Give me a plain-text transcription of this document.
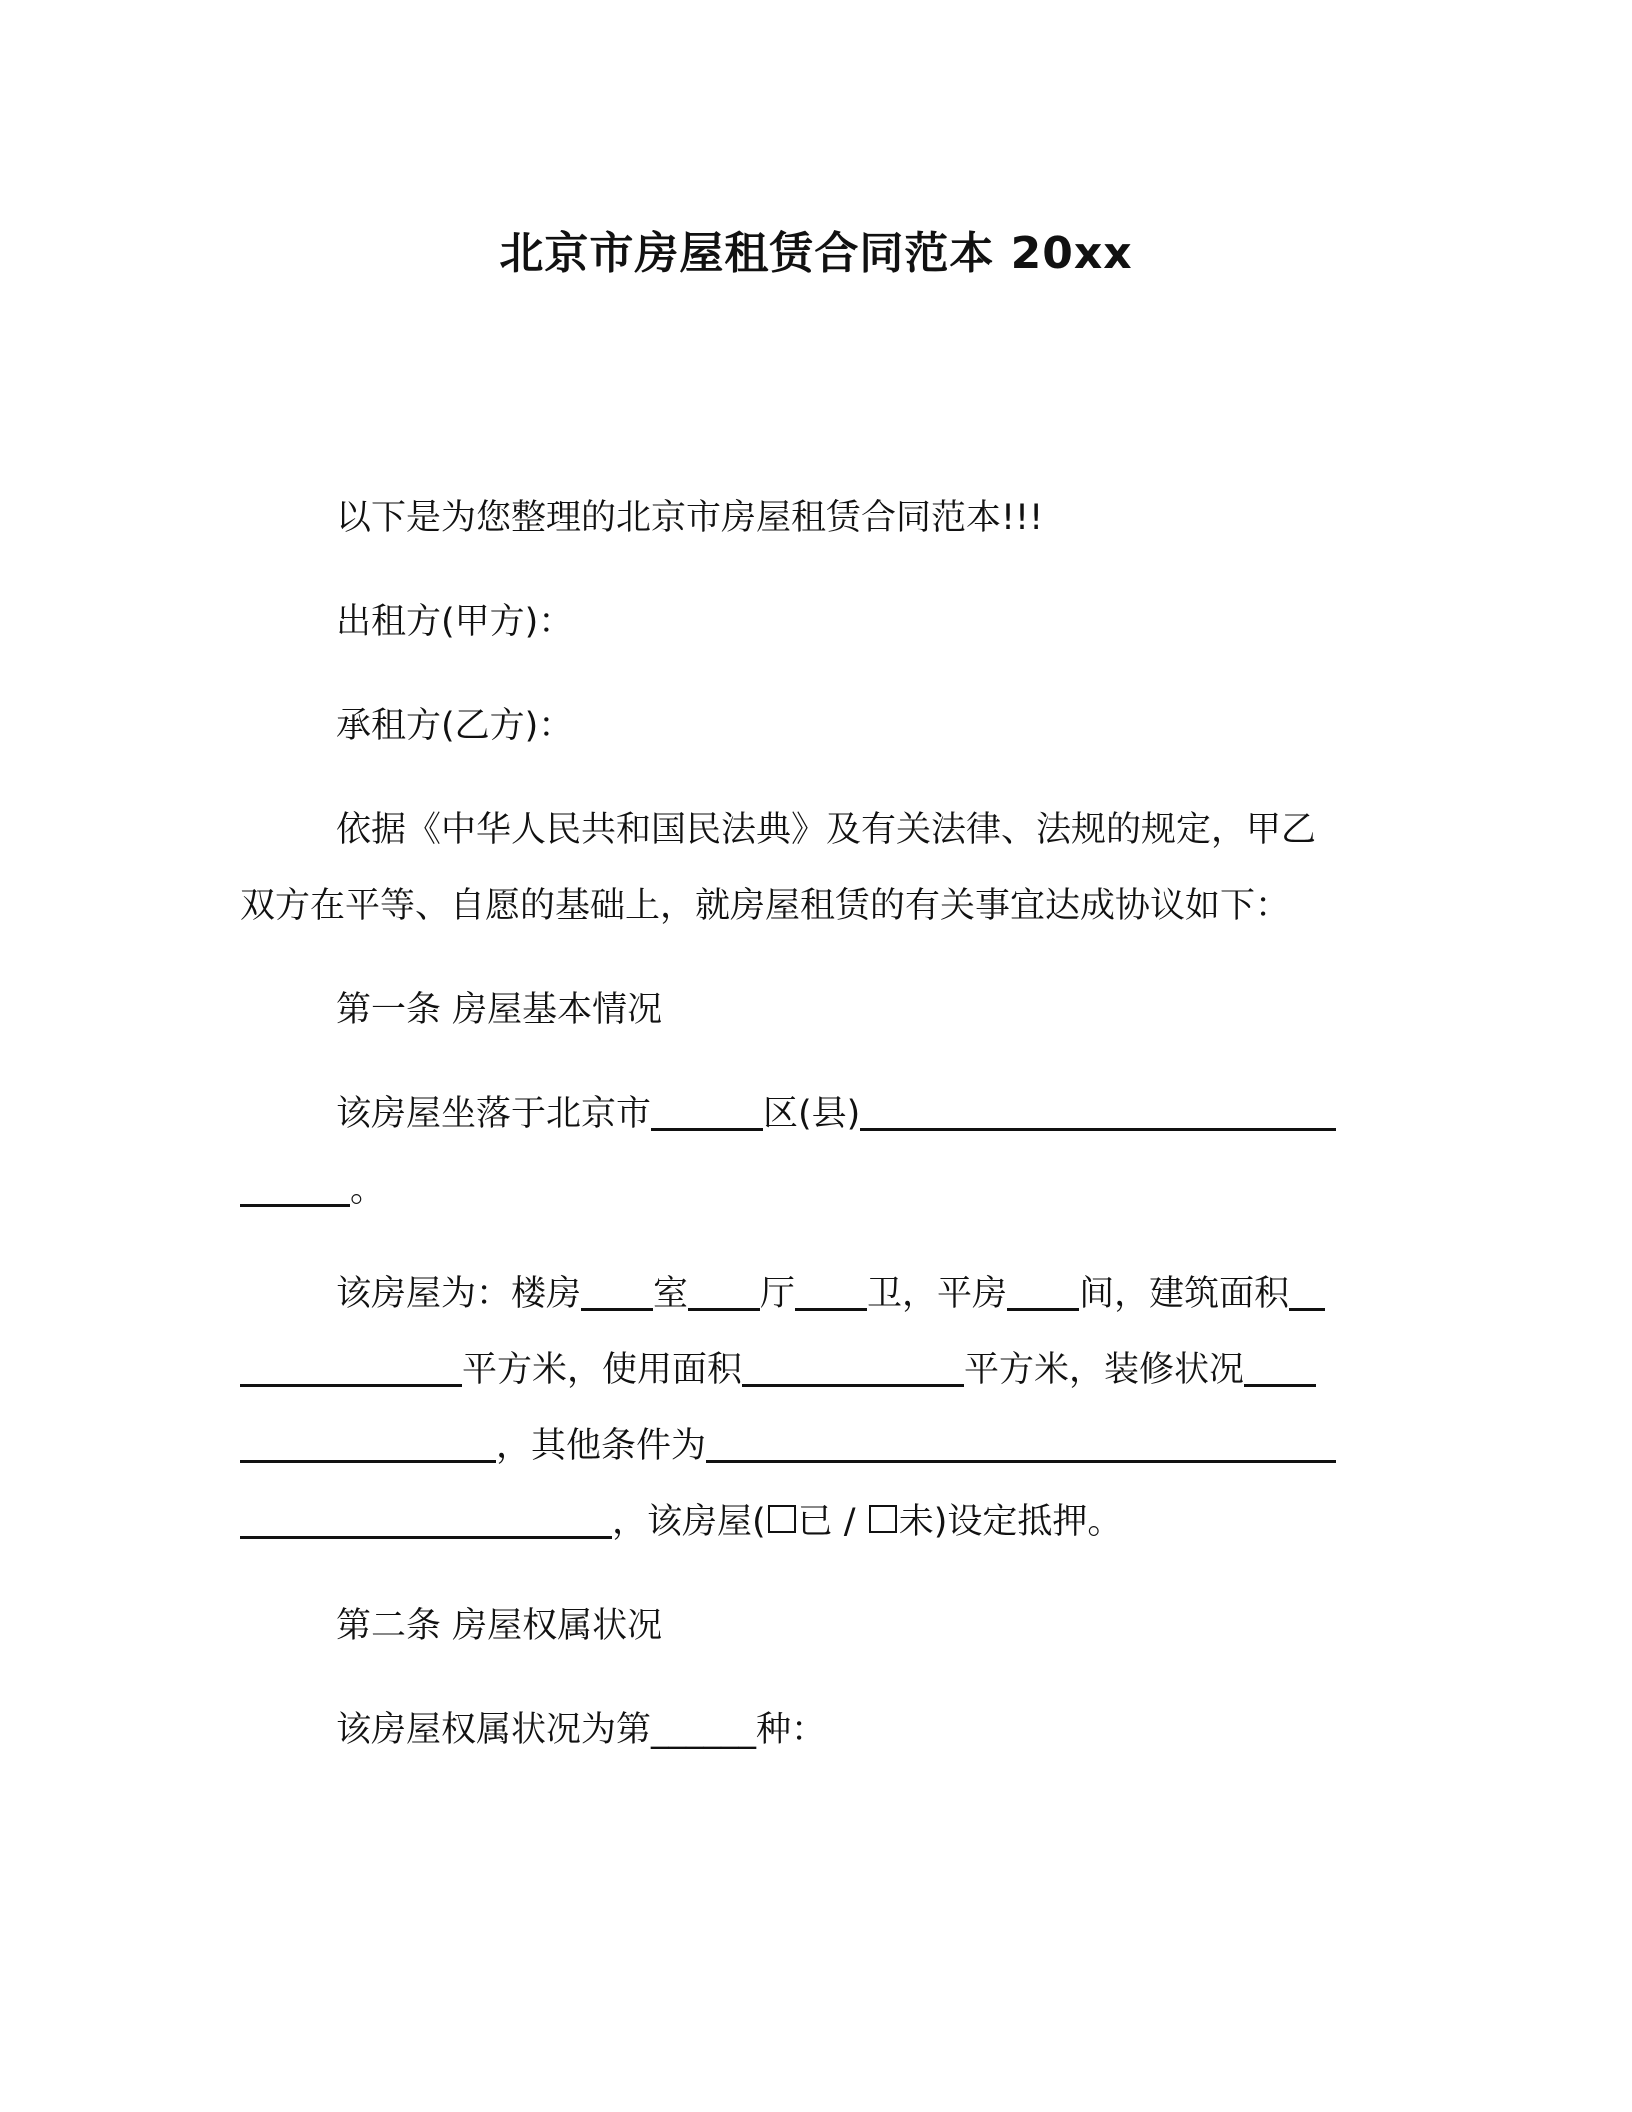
北京市房屋租赁合同范本 20xx
以下是为您整理的北京市房屋租赁合同范本!!!
出租方(甲方)：
承租方(乙方)：
依据《中华人民共和国民法典》及有关法律、法规的规定，甲乙
双方在平等、自愿的基础上，就房屋租赁的有关事宜达成协议如下：
第一条 房屋基本情况
该房屋坐落于北京市	区(县)
。
该房屋为：楼房 室 厅 卫，平房 间，建筑面积
平方米，使用面积	平方米，装修状况
，其他条件为
，该房屋( 已 / 未)设定抵押。
第二条 房屋权属状况
该房屋权属状况为第______种：
